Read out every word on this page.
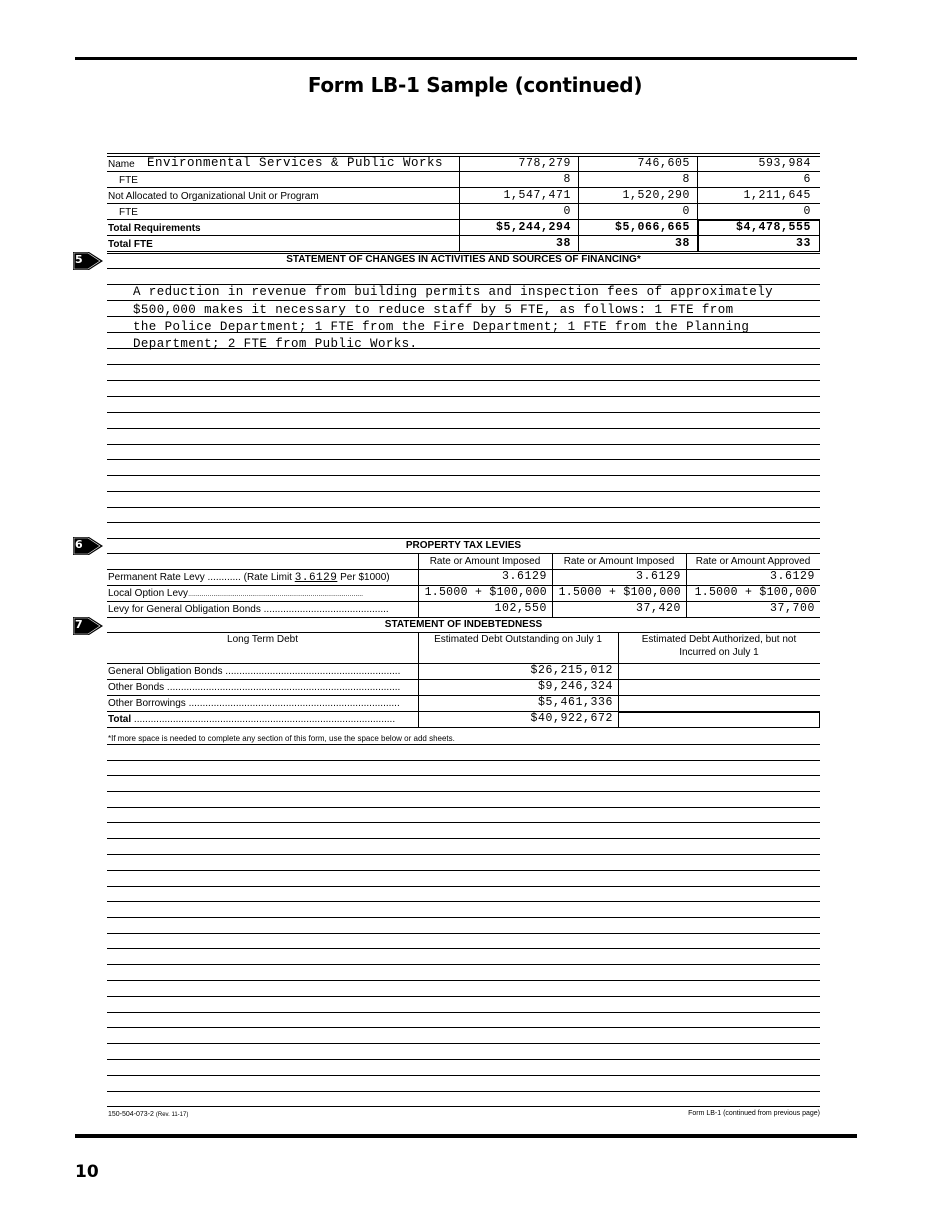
Form LB-1 Sample (continued)
Name Environmental Services & Public Works	778,279	746,605	593,984
FTE	8	8	6
Not Allocated to Organizational Unit or Program	1,547,471	1,520,290	1,211,645
FTE	0	0	0
Total Requirements	$5,244,294	$5,066,665	$4,478,555
Total FTE	38	38	33
5	STATEMENT OF CHANGES IN ACTIVITIES AND SOURCES OF FINANCING*
A reduction in revenue from building permits and inspection fees of approximately
$500,000 makes it necessary to reduce staff by 5 FTE, as follows: 1 FTE from
the Police Department; 1 FTE from the Fire Department; 1 FTE from the Planning
Department; 2 FTE from Public Works.
6	PROPERTY TAX LEVIES
Rate or Amount Imposed	Rate or Amount Imposed	Rate or Amount Approved
Permanent Rate Levy ............ (Rate Limit 3.6129 Per $1000)	3.6129	3.6129	3.6129
Local Option Levy..........................................................................................	1.5000 + $100,000	1.5000 + $100,000	1.5000 + $100,000
Levy for General Obligation Bonds .............................................	102,550	37,420	37,700
7	STATEMENT OF INDEBTEDNESS
Long Term Debt	Estimated Debt Outstanding on July 1	Estimated Debt Authorized, but not
Incurred on July 1
General Obligation Bonds ...............................................................	$26,215,012
Other Bonds ....................................................................................	$9,246,324
Other Borrowings ............................................................................	$5,461,336
Total ..............................................................................................	$40,922,672
*If more space is needed to complete any section of this form, use the space below or add sheets.
150-504-073-2 (Rev. 11-17)	Form LB-1 (continued from previous page)
10
